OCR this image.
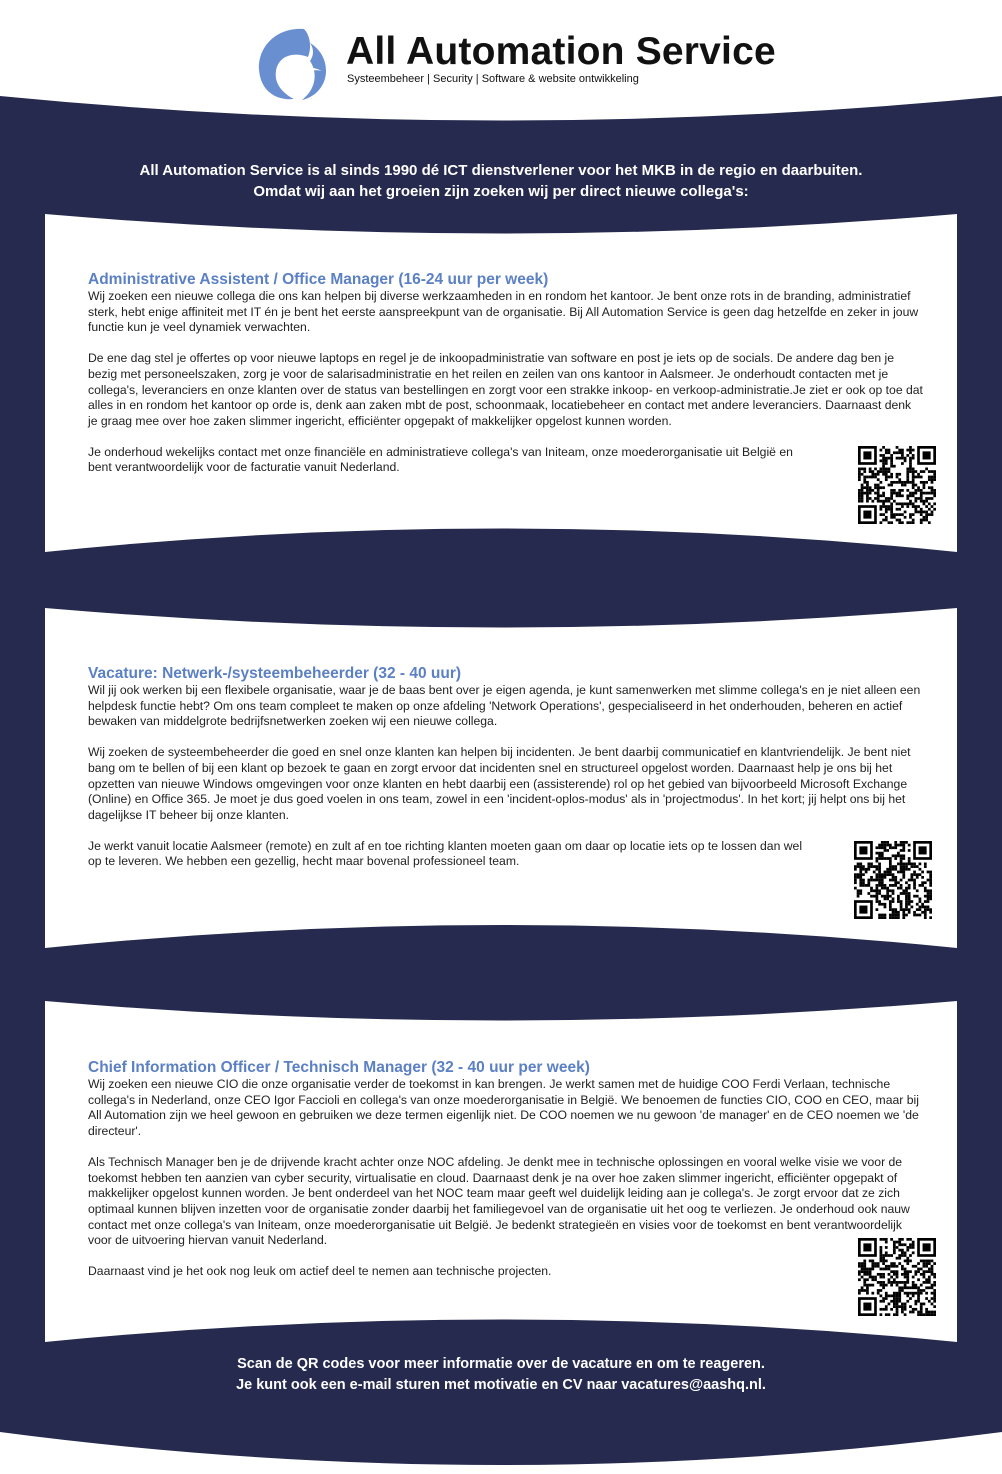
All Automation Service
Systeembeheer | Security | Software & website ontwikkeling
All Automation Service is al sinds 1990 dé ICT dienstverlener voor het MKB in de regio en daarbuiten.
Omdat wij aan het groeien zijn zoeken wij per direct nieuwe collega's:
Administrative Assistent / Office Manager (16-24 uur per week)

Wij zoeken een nieuwe collega die ons kan helpen bij diverse werkzaamheden in en rondom het kantoor. Je bent onze rots in de branding, administratief sterk, hebt enige affiniteit met IT én je bent het eerste aanspreekpunt van de organisatie. Bij All Automation Service is geen dag hetzelfde en zeker in jouw functie kun je veel dynamiek verwachten.

De ene dag stel je offertes op voor nieuwe laptops en regel je de inkoopadministratie van software en post je iets op de socials. De andere dag ben je bezig met personeelszaken, zorg je voor de salarisadministratie en het reilen en zeilen van ons kantoor in Aalsmeer. Je onderhoudt contacten met je collega's, leveranciers en onze klanten over de status van bestellingen en zorgt voor een strakke inkoop- en verkoop-administratie.Je ziet er ook op toe dat alles in en rondom het kantoor op orde is, denk aan zaken mbt de post, schoonmaak, locatiebeheer en contact met andere leveranciers. Daarnaast denk je graag mee over hoe zaken slimmer ingericht, efficiënter opgepakt of makkelijker opgelost kunnen worden.

Je onderhoud wekelijks contact met onze financiële en administratieve collega's van Initeam, onze moederorganisatie uit België en bent verantwoordelijk voor de facturatie vanuit Nederland.

Vacature: Netwerk-/systeembeheerder (32 - 40 uur)

Wil jij ook werken bij een flexibele organisatie, waar je de baas bent over je eigen agenda, je kunt samenwerken met slimme collega's en je niet alleen een helpdesk functie hebt? Om ons team compleet te maken op onze afdeling 'Network Operations', gespecialiseerd in het onderhouden, beheren en actief bewaken van middelgrote bedrijfsnetwerken zoeken wij een nieuwe collega.

Wij zoeken de systeembeheerder die goed en snel onze klanten kan helpen bij incidenten. Je bent daarbij communicatief en klantvriendelijk. Je bent niet bang om te bellen of bij een klant op bezoek te gaan en zorgt ervoor dat incidenten snel en structureel opgelost worden. Daarnaast help je ons bij het opzetten van nieuwe Windows omgevingen voor onze klanten en hebt daarbij een (assisterende) rol op het gebied van bijvoorbeeld Microsoft Exchange (Online) en Office 365. Je moet je dus goed voelen in ons team, zowel in een 'incident-oplos-modus' als in 'projectmodus'. In het kort; jij helpt ons bij het dagelijkse IT beheer bij onze klanten.

Je werkt vanuit locatie Aalsmeer (remote) en zult af en toe richting klanten moeten gaan om daar op locatie iets op te lossen dan wel op te leveren. We hebben een gezellig, hecht maar bovenal professioneel team.

Chief Information Officer / Technisch Manager (32 - 40 uur per week)

Wij zoeken een nieuwe CIO die onze organisatie verder de toekomst in kan brengen. Je werkt samen met de huidige COO Ferdi Verlaan, technische collega's in Nederland, onze CEO Igor Faccioli en collega's van onze moederorganisatie in België. We benoemen de functies CIO, COO en CEO, maar bij All Automation zijn we heel gewoon en gebruiken we deze termen eigenlijk niet. De COO noemen we nu gewoon 'de manager' en de CEO noemen we 'de directeur'.

Als Technisch Manager ben je de drijvende kracht achter onze NOC afdeling. Je denkt mee in technische oplossingen en vooral welke visie we voor de toekomst hebben ten aanzien van cyber security, virtualisatie en cloud. Daarnaast denk je na over hoe zaken slimmer ingericht, efficiënter opgepakt of makkelijker opgelost kunnen worden. Je bent onderdeel van het NOC team maar geeft wel duidelijk leiding aan je collega's. Je zorgt ervoor dat ze zich optimaal kunnen blijven inzetten voor de organisatie zonder daarbij het familiegevoel van de organisatie uit het oog te verliezen. Je onderhoud ook nauw contact met onze collega's van Initeam, onze moederorganisatie uit België. Je bedenkt strategieën en visies voor de toekomst en bent verantwoordelijk voor de uitvoering hiervan vanuit Nederland.

Daarnaast vind je het ook nog leuk om actief deel te nemen aan technische projecten.

Scan de QR codes voor meer informatie over de vacature en om te reageren.
Je kunt ook een e-mail sturen met motivatie en CV naar vacatures@aashq.nl.
